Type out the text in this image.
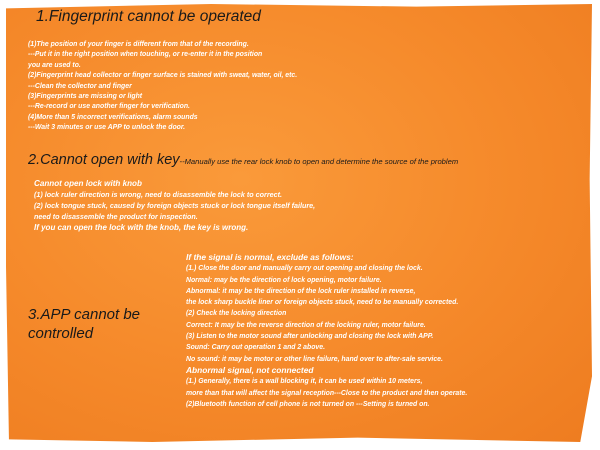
1.Fingerprint cannot be operated
(1)The position of your finger is different from that of the recording.
---Put it in the right position when touching, or re-enter it in the position
you are used to.
(2)Fingerprint head collector or finger surface is stained with sweat, water, oil, etc.
---Clean the collector and finger
(3)Fingerprints are missing or light
---Re-record or use another finger for verification.
(4)More than 5 incorrect verifications, alarm sounds
---Wait 3 minutes or use APP to unlock the door.
2.Cannot open with key--Manually use the rear lock knob to open and determine the source of the problem
Cannot open lock with knob
(1) lock ruler direction is wrong, need to disassemble the lock to correct.
(2) lock tongue stuck, caused by foreign objects stuck or lock tongue itself failure,
need to disassemble the product for inspection.
If you can open the lock with the knob, the key is wrong.
3.APP cannot be
controlled
If the signal is normal, exclude as follows:
(1.) Close the door and manually carry out opening and closing the lock.
Normal: may be the direction of lock opening, motor failure.
Abnormal: it may be the direction of the lock ruler installed in reverse,
the lock sharp buckle liner or foreign objects stuck, need to be manually corrected.
(2) Check the locking direction
Correct: It may be the reverse direction of the locking ruler, motor failure.
(3) Listen to the motor sound after unlocking and closing the lock with APP.
Sound: Carry out operation 1 and 2 above.
No sound: it may be motor or other line failure, hand over to after-sale service.
Abnormal signal, not connected
(1.) Generally, there is a wall blocking it, it can be used within 10 meters,
more than that will affect the signal reception---Close to the product and then operate.
(2)Bluetooth function of cell phone is not turned on ---Setting is turned on.
